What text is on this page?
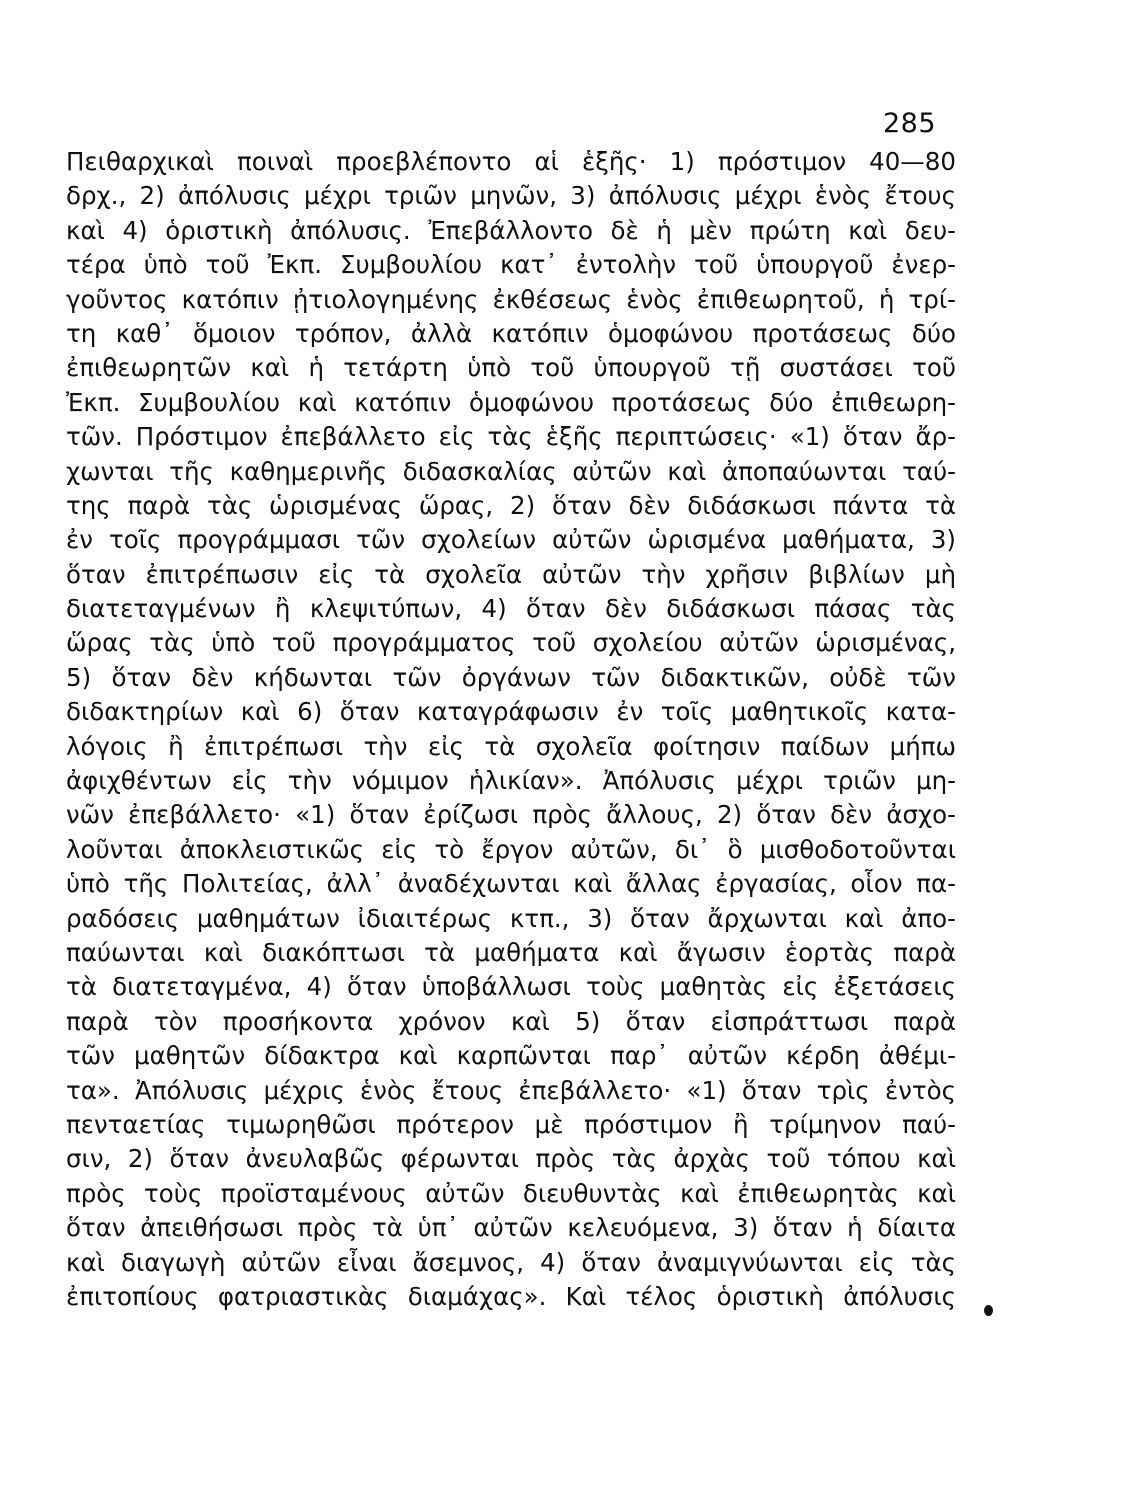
285
Πειθαρχικαὶ ποιναὶ προεβλέποντο αἱ ἑξῆς· 1) πρόστιμον 40—80
δρχ., 2) ἀπόλυσις μέχρι τριῶν μηνῶν, 3) ἀπόλυσις μέχρι ἑνὸς ἔτους
καὶ 4) ὁριστικὴ ἀπόλυσις. Ἐπεβάλλοντο δὲ ἡ μὲν πρώτη καὶ δευ-
τέρα ὑπὸ τοῦ Ἐκπ. Συμβουλίου κατ᾽ ἐντολὴν τοῦ ὑπουργοῦ ἐνερ-
γοῦντος κατόπιν ᾐτιολογημένης ἐκθέσεως ἑνὸς ἐπιθεωρητοῦ, ἡ τρί-
τη καθ᾽ ὅμοιον τρόπον, ἀλλὰ κατόπιν ὁμοφώνου προτάσεως δύο
ἐπιθεωρητῶν καὶ ἡ τετάρτη ὑπὸ τοῦ ὑπουργοῦ τῇ συστάσει τοῦ
Ἐκπ. Συμβουλίου καὶ κατόπιν ὁμοφώνου προτάσεως δύο ἐπιθεωρη-
τῶν. Πρόστιμον ἐπεβάλλετο εἰς τὰς ἑξῆς περιπτώσεις· «1) ὅταν ἄρ-
χωνται τῆς καθημερινῆς διδασκαλίας αὐτῶν καὶ ἀποπαύωνται ταύ-
της παρὰ τὰς ὡρισμένας ὥρας, 2) ὅταν δὲν διδάσκωσι πάντα τὰ
ἐν τοῖς προγράμμασι τῶν σχολείων αὐτῶν ὡρισμένα μαθήματα, 3)
ὅταν ἐπιτρέπωσιν εἰς τὰ σχολεῖα αὐτῶν τὴν χρῆσιν βιβλίων μὴ
διατεταγμένων ἢ κλεψιτύπων, 4) ὅταν δὲν διδάσκωσι πάσας τὰς
ὥρας τὰς ὑπὸ τοῦ προγράμματος τοῦ σχολείου αὐτῶν ὡρισμένας,
5) ὅταν δὲν κήδωνται τῶν ὀργάνων τῶν διδακτικῶν, οὐδὲ τῶν
διδακτηρίων καὶ 6) ὅταν καταγράφωσιν ἐν τοῖς μαθητικοῖς κατα-
λόγοις ἢ ἐπιτρέπωσι τὴν εἰς τὰ σχολεῖα φοίτησιν παίδων μήπω
ἀφιχθέντων εἰς τὴν νόμιμον ἡλικίαν». Ἀπόλυσις μέχρι τριῶν μη-
νῶν ἐπεβάλλετο· «1) ὅταν ἐρίζωσι πρὸς ἄλλους, 2) ὅταν δὲν ἀσχο-
λοῦνται ἀποκλειστικῶς εἰς τὸ ἔργον αὐτῶν, δι᾽ ὃ μισθοδοτοῦνται
ὑπὸ τῆς Πολιτείας, ἀλλ᾽ ἀναδέχωνται καὶ ἄλλας ἐργασίας, οἷον πα-
ραδόσεις μαθημάτων ἰδιαιτέρως κτπ., 3) ὅταν ἄρχωνται καὶ ἀπο-
παύωνται καὶ διακόπτωσι τὰ μαθήματα καὶ ἄγωσιν ἑορτὰς παρὰ
τὰ διατεταγμένα, 4) ὅταν ὑποβάλλωσι τοὺς μαθητὰς εἰς ἐξετάσεις
παρὰ τὸν προσήκοντα χρόνον καὶ 5) ὅταν εἰσπράττωσι παρὰ
τῶν μαθητῶν δίδακτρα καὶ καρπῶνται παρ᾽ αὐτῶν κέρδη ἀθέμι-
τα». Ἀπόλυσις μέχρις ἑνὸς ἔτους ἐπεβάλλετο· «1) ὅταν τρὶς ἐντὸς
πενταετίας τιμωρηθῶσι πρότερον μὲ πρόστιμον ἢ τρίμηνον παύ-
σιν, 2) ὅταν ἀνευλαβῶς φέρωνται πρὸς τὰς ἀρχὰς τοῦ τόπου καὶ
πρὸς τοὺς προϊσταμένους αὐτῶν διευθυντὰς καὶ ἐπιθεωρητὰς καὶ
ὅταν ἀπειθήσωσι πρὸς τὰ ὑπ᾽ αὐτῶν κελευόμενα, 3) ὅταν ἡ δίαιτα
καὶ διαγωγὴ αὐτῶν εἶναι ἄσεμνος, 4) ὅταν ἀναμιγνύωνται εἰς τὰς
ἐπιτοπίους φατριαστικὰς διαμάχας». Καὶ τέλος ὁριστικὴ ἀπόλυσις
